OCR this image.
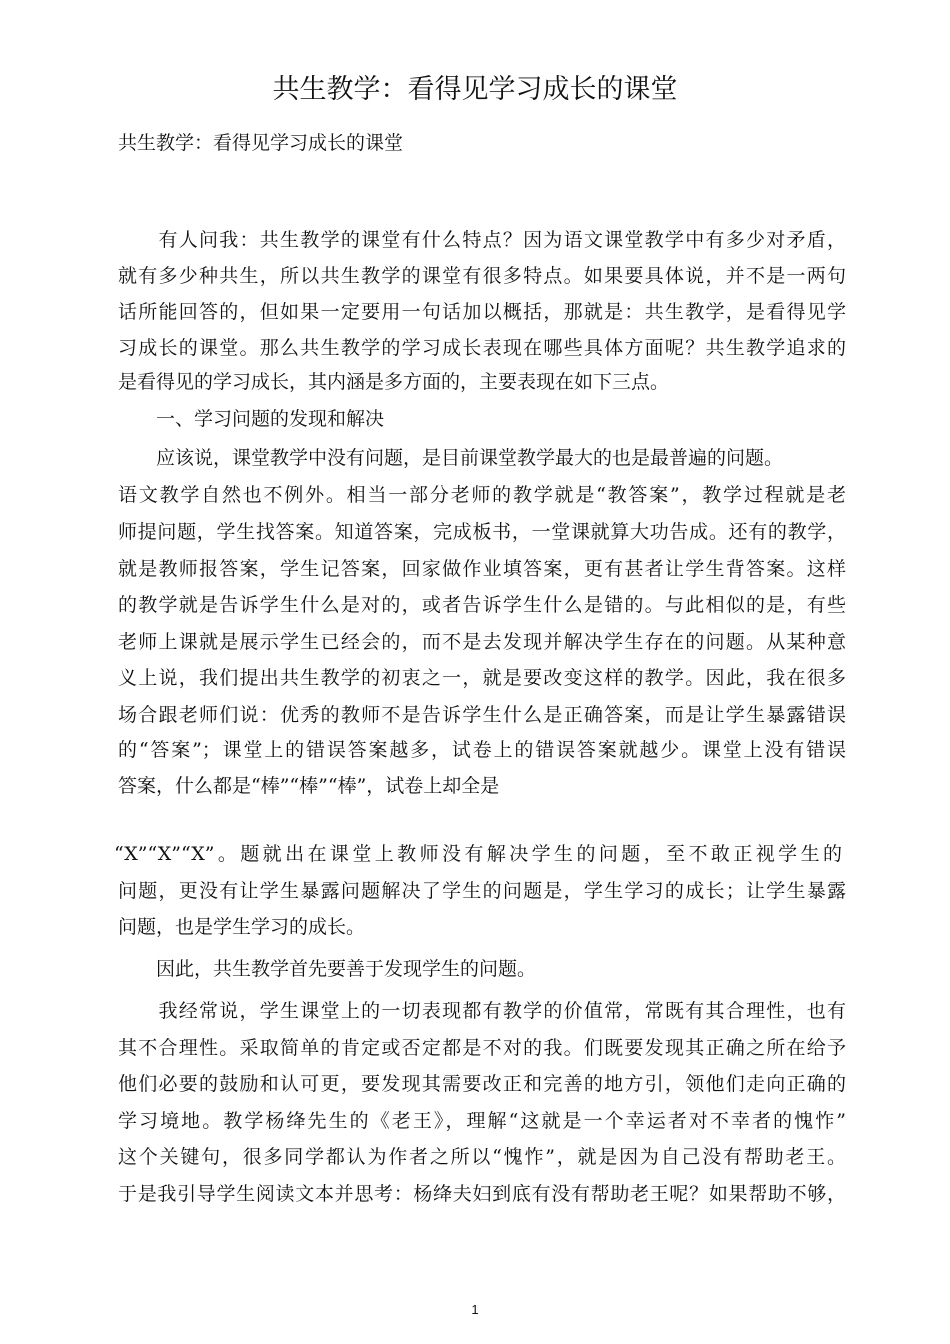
共生教学：看得见学习成长的课堂

共生教学：看得见学习成长的课堂

　　有人问我：共生教学的课堂有什么特点？因为语文课堂教学中有多少对矛盾，

就有多少种共生，所以共生教学的课堂有很多特点。如果要具体说，并不是一两句

话所能回答的，但如果一定要用一句话加以概括，那就是：共生教学，是看得见学

习成长的课堂。那么共生教学的学习成长表现在哪些具体方面呢？共生教学追求的

是看得见的学习成长，其内涵是多方面的，主要表现在如下三点。

　　一、学习问题的发现和解决

　　应该说，课堂教学中没有问题，是目前课堂教学最大的也是最普遍的问题。

语文教学自然也不例外。相当一部分老师的教学就是“教答案”，教学过程就是老

师提问题，学生找答案。知道答案，完成板书，一堂课就算大功告成。还有的教学，

就是教师报答案，学生记答案，回家做作业填答案，更有甚者让学生背答案。这样

的教学就是告诉学生什么是对的，或者告诉学生什么是错的。与此相似的是，有些

老师上课就是展示学生已经会的，而不是去发现并解决学生存在的问题。从某种意

义上说，我们提出共生教学的初衷之一，就是要改变这样的教学。因此，我在很多

场合跟老师们说：优秀的教师不是告诉学生什么是正确答案，而是让学生暴露错误

的“答案”；课堂上的错误答案越多，试卷上的错误答案就越少。课堂上没有错误

答案，什么都是“棒”“棒”“棒”，试卷上却全是

“X”“X”“X”。题就出在课堂上教师没有解决学生的问题，至不敢正视学生的

问题，更没有让学生暴露问题解决了学生的问题是，学生学习的成长；让学生暴露

问题，也是学生学习的成长。

　　因此，共生教学首先要善于发现学生的问题。

　　我经常说，学生课堂上的一切表现都有教学的价值常，常既有其合理性，也有

其不合理性。采取简单的肯定或否定都是不对的我。们既要发现其正确之所在给予

他们必要的鼓励和认可更，要发现其需要改正和完善的地方引，领他们走向正确的

学习境地。教学杨绛先生的《老王》，理解“这就是一个幸运者对不幸者的愧怍”

这个关键句，很多同学都认为作者之所以“愧怍”，就是因为自己没有帮助老王。

于是我引导学生阅读文本并思考：杨绛夫妇到底有没有帮助老王呢？如果帮助不够，

1
